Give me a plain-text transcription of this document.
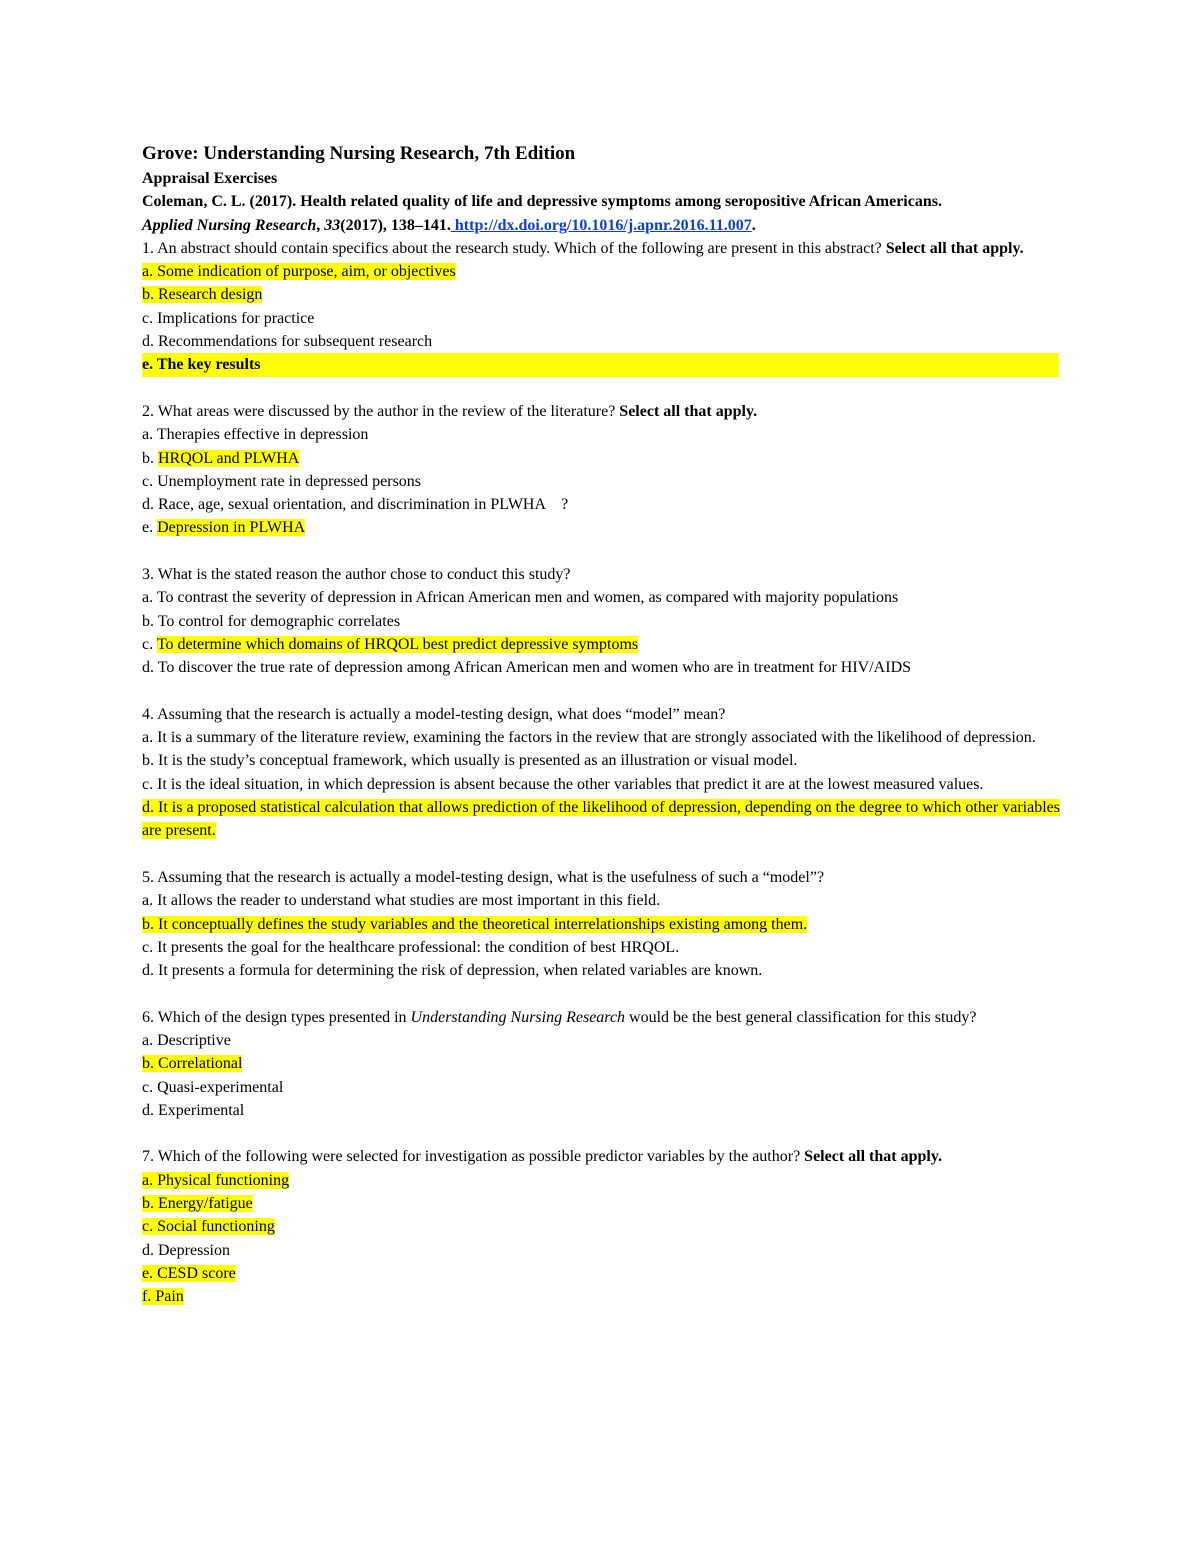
Grove: Understanding Nursing Research, 7th Edition

Appraisal Exercises

Coleman, C. L. (2017). Health related quality of life and depressive symptoms among seropositive African Americans.
Applied Nursing Research, 33(2017), 138–141. http://dx.doi.org/10.1016/j.apnr.2016.11.007.

1. An abstract should contain specifics about the research study. Which of the following are present in this abstract? Select all that apply.

a. Some indication of purpose, aim, or objectives

b. Research design

c. Implications for practice

d. Recommendations for subsequent research

e. The key results

2. What areas were discussed by the author in the review of the literature? Select all that apply.

a. Therapies effective in depression

b. HRQOL and PLWHA

c. Unemployment rate in depressed persons

d. Race, age, sexual orientation, and discrimination in PLWHA    ?

e. Depression in PLWHA

3. What is the stated reason the author chose to conduct this study?

a. To contrast the severity of depression in African American men and women, as compared with majority populations

b. To control for demographic correlates

c. To determine which domains of HRQOL best predict depressive symptoms

d. To discover the true rate of depression among African American men and women who are in treatment for HIV/AIDS

4. Assuming that the research is actually a model-testing design, what does “model” mean?

a. It is a summary of the literature review, examining the factors in the review that are strongly associated with the likelihood of depression.

b. It is the study’s conceptual framework, which usually is presented as an illustration or visual model.

c. It is the ideal situation, in which depression is absent because the other variables that predict it are at the lowest measured values.

d. It is a proposed statistical calculation that allows prediction of the likelihood of depression, depending on the degree to which other variables are present.

5. Assuming that the research is actually a model-testing design, what is the usefulness of such a “model”?

a. It allows the reader to understand what studies are most important in this field.

b. It conceptually defines the study variables and the theoretical interrelationships existing among them.

c. It presents the goal for the healthcare professional: the condition of best HRQOL.

d. It presents a formula for determining the risk of depression, when related variables are known.

6. Which of the design types presented in Understanding Nursing Research would be the best general classification for this study?

a. Descriptive

b. Correlational

c. Quasi-experimental

d. Experimental

7. Which of the following were selected for investigation as possible predictor variables by the author? Select all that apply.

a. Physical functioning

b. Energy/fatigue

c. Social functioning

d. Depression

e. CESD score

f. Pain
